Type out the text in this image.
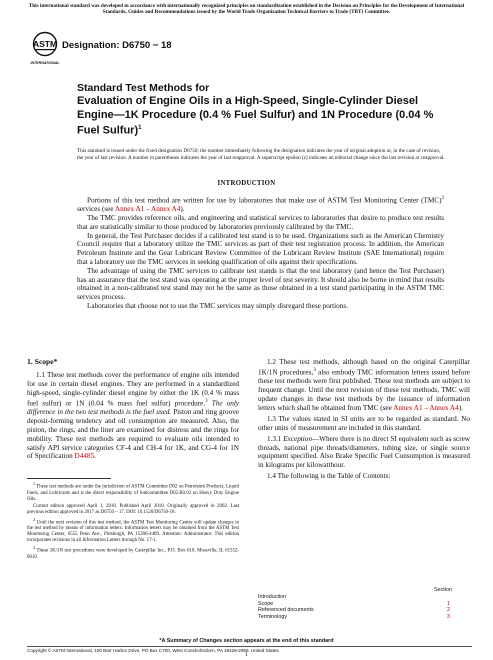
This international standard was developed in accordance with internationally recognized principles on standardization established in the Decision on Principles for the Development of International Standards, Guides and Recommendations issued by the World Trade Organization Technical Barriers to Trade (TBT) Committee.
ASTM
INTERNATIONAL
Designation: D6750 − 18
Standard Test Methods for
Evaluation of Engine Oils in a High-Speed, Single-Cylinder Diesel Engine—1K Procedure (0.4 % Fuel Sulfur) and 1N Procedure (0.04 % Fuel Sulfur)$^1$
This standard is issued under the fixed designation D6750; the number immediately following the designation indicates the year of original adoption or, in the case of revision, the year of last revision. A number in parentheses indicates the year of last reapproval. A superscript epsilon (ε) indicates an editorial change since the last revision or reapproval.
INTRODUCTION

Portions of this test method are written for use by laboratories that make use of ASTM Test Monitoring Center (TMC)$^2$ services (see Annex A1 – Annex A4).

The TMC provides reference oils, and engineering and statistical services to laboratories that desire to produce test results that are statistically similar to those produced by laboratories previously calibrated by the TMC.

In general, the Test Purchaser decides if a calibrated test stand is to be used. Organizations such as the American Chemistry Council require that a laboratory utilize the TMC services as part of their test registration process. In addition, the American Petroleum Institute and the Gear Lubricant Review Committee of the Lubricant Review Institute (SAE International) require that a laboratory use the TMC services in seeking qualification of oils against their specifications.

The advantage of using the TMC services to calibrate test stands is that the test laboratory (and hence the Test Purchaser) has an assurance that the test stand was operating at the proper level of test severity. It should also be borne in mind that results obtained in a non-calibrated test stand may not be the same as those obtained in a test stand participating in the ASTM TMC services process.

Laboratories that choose not to use the TMC services may simply disregard these portions.

1. Scope*

1.1 These test methods cover the performance of engine oils intended for use in certain diesel engines. They are performed in a standardized high-speed, single-cylinder diesel engine by either the 1K (0.4 % mass fuel sulfur) or 1N (0.04 % mass fuel sulfur) procedure.$^3$ The only difference in the two test methods is the fuel used. Piston and ring groove deposit-forming tendency and oil consumption are measured. Also, the piston, the rings, and the liner are examined for distress and the rings for mobility. These test methods are required to evaluate oils intended to satisfy API service categories CF-4 and CH-4 for 1K, and CG-4 for 1N of Specification D4485.

$^1$ These test methods are under the jurisdiction of ASTM Committee D02 on Petroleum Products, Liquid Fuels, and Lubricants and is the direct responsibility of Subcommittee D02.B0.02 on Heavy Duty Engine Oils.

Current edition approved April 1, 2018. Published April 2018. Originally approved in 2002. Last previous edition approved in 2017 as D6750 – 17. DOI: 10.1520/D6750-18.

$^2$ Until the next revision of this test method, the ASTM Test Monitoring Center will update changes in the test method by means of information letters. Information letters may be obtained from the ASTM Test Monitoring Center, 6555 Penn Ave., Pittsburgh, PA 15206-4489. Attention: Administrator. This edition incorporates revisions in all Information Letters through No. 17-1.

$^3$ These 1K/1N test procedures were developed by Caterpillar Inc., P.O. Box 610, Mossville, IL 61552-0610.

1.2 These test methods, although based on the original Caterpillar 1K/1N procedures,$^3$ also embody TMC information letters issued before these test methods were first published. These test methods are subject to frequent change. Until the next revision of these test methods, TMC will update changes in these test methods by the issuance of information letters which shall be obtained from TMC (see Annex A1 – Annex A4).

1.3 The values stated in SI units are to be regarded as standard. No other units of measurement are included in this standard.

1.3.1 Exception—Where there is no direct SI equivalent such as screw threads, national pipe threads/diameters, tubing size, or single source equipment specified. Also Brake Specific Fuel Consumption is measured in kilograms per kilowatthour.

1.4 The following is the Table of Contents:

Section
Introduction
Scope	1
Referenced documents	2
Terminology	3
*A Summary of Changes section appears at the end of this standard
Copyright © ASTM International, 100 Barr Harbor Drive, PO Box C700, West Conshohocken, PA 19428-2959. United States
1
